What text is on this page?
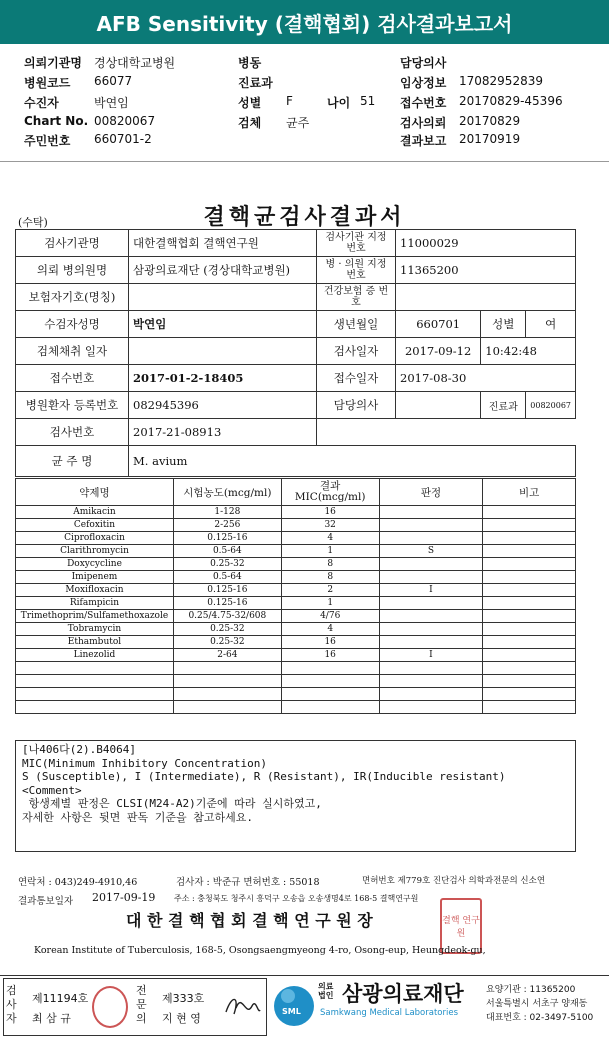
AFB Sensitivity (결핵협회) 검사결과보고서
의뢰기관명 경상대학교병원
병원코드 66077
수진자	박연임
Chart No. 00820067
주민번호 660701-2
병동
진료과
성별 F	나이 51
검체 균주
담당의사
임상정보 17082952839
접수번호 20170829-45396
검사의뢰 20170829
결과보고 20170919
(수탁)	결핵균검사결과서
검사기관명	대한결핵협회 결핵연구원	검사기관 지정번호	11000029		
의뢰 병의원명	삼광의료재단 (경상대학교병원)	병 · 의원 지정번호	11365200		
보험자기호(명칭)		건강보험 증 번 호			
수검자성명	박연임	생년월일	660701	성별	여
검체채취 일자		검사일자	2017-09-12	10:42:48	
접수번호	2017-01-2-18405	접수일자	2017-08-30		
병원환자 등록번호	082945396	담당의사		진료과	00820067
검사번호	2017-21-08913				
균 주 명	M. avium				
약제명	시험농도(mcg/ml)	결과 MIC(mcg/ml)	판정	비고
Amikacin	1-128	16		
Cefoxitin	2-256	32		
Ciprofloxacin	0.125-16	4		
Clarithromycin	0.5-64	1	S	
Doxycycline	0.25-32	8		
Imipenem	0.5-64	8		
Moxifloxacin	0.125-16	2	I	
Rifampicin	0.125-16	1		
Trimethoprim/Sulfamethoxazole	0.25/4.75-32/608	4/76		
Tobramycin	0.25-32	4		
Ethambutol	0.25-32	16		
Linezolid	2-64	16	I	

[나406다(2).B4064]
MIC(Minimum Inhibitory Concentration)
S (Susceptible), I (Intermediate), R (Resistant), IR(Inducible resistant)
<Comment>
항생제별 판정은 CLSI(M24-A2)기준에 따라 실시하였고,
자세한 사항은 뒷면 판독 기준을 참고하세요.
연락처 : 043)249-4910,46	검사자 : 박준규 면허번호 : 55018	면허번호 제779호 진단검사 의학과전문의 신소연
결과통보일자 2017-09-19 주소 : 충청북도 청주시 흥덕구 오송읍 오송생명4로 168-5 결핵연구원
대 한 결 핵 협 회 결 핵 연 구 원 장	결핵 연구원
Korean Institute of Tuberculosis, 168-5, Osongsaengmyeong 4-ro, Osong-eup, Heungdeok-gu,
검사자
제11194호
최 삼 규
전문의
제333호
지 현 영
SML
의료법인 삼광의료재단
Samkwang Medical Laboratories
요양기관 : 11365200
서울특별시 서초구 양재동
대표번호 : 02-3497-5100
